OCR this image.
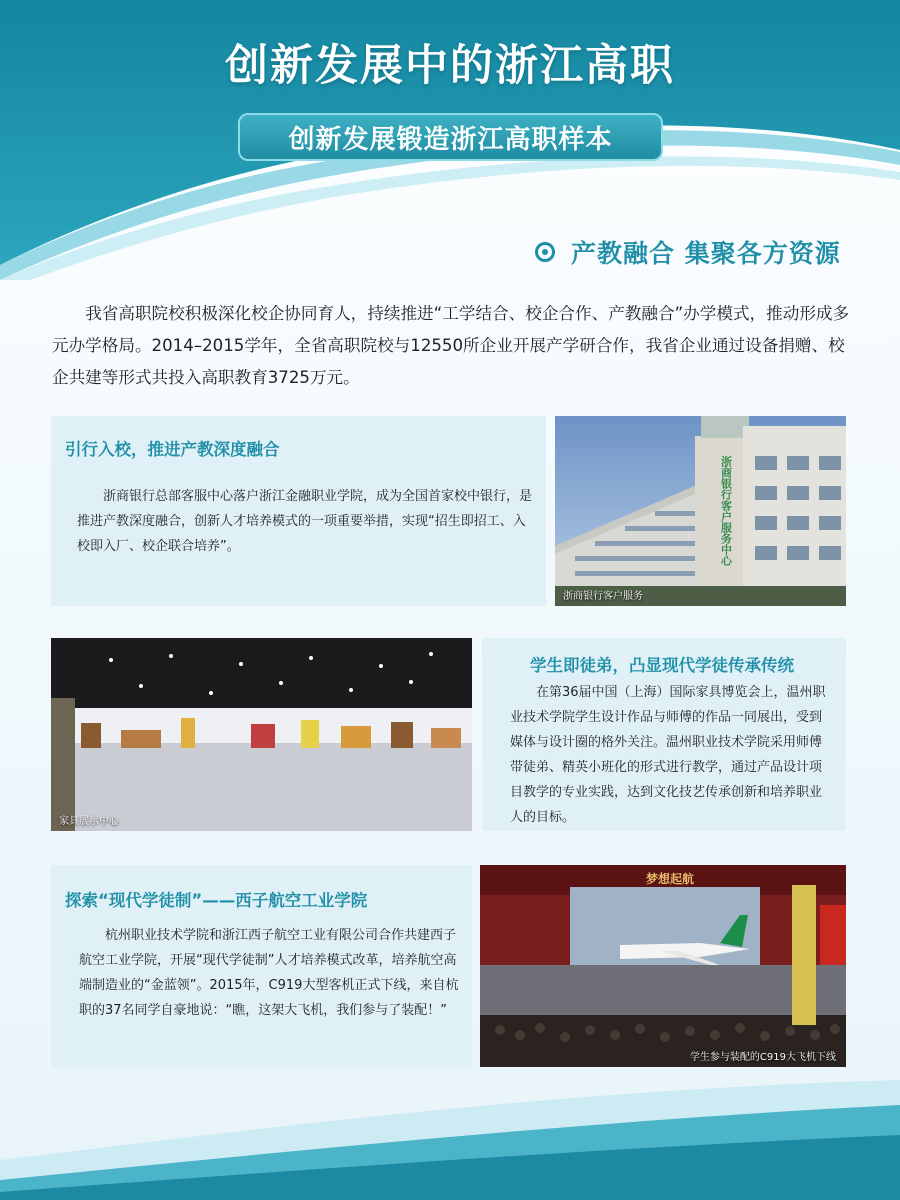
创新发展中的浙江高职
创新发展锻造浙江高职样本
产教融合 集聚各方资源
我省高职院校积极深化校企协同育人，持续推进“工学结合、校企合作、产教融合”办学模式，推动形成多元办学格局。2014–2015学年，全省高职院校与12550所企业开展产学研合作，我省企业通过设备捐赠、校企共建等形式共投入高职教育3725万元。
引行入校，推进产教深度融合
浙商银行总部客服中心落户浙江金融职业学院，成为全国首家校中银行，是推进产教深度融合，创新人才培养模式的一项重要举措，实现“招生即招工、入校即入厂、校企联合培养”。	浙商银行客户服务中心
浙商银行客户服务
家具展示中心
学生即徒弟，凸显现代学徒传承传统
在第36届中国（上海）国际家具博览会上，温州职业技术学院学生设计作品与师傅的作品一同展出，受到媒体与设计圈的格外关注。温州职业技术学院采用师傅带徒弟、精英小班化的形式进行教学，通过产品设计项目教学的专业实践，达到文化技艺传承创新和培养职业人的目标。
探索“现代学徒制”——西子航空工业学院
杭州职业技术学院和浙江西子航空工业有限公司合作共建西子航空工业学院，开展“现代学徒制”人才培养模式改革，培养航空高端制造业的“金蓝领”。2015年，C919大型客机正式下线，来自杭职的37名同学自豪地说：“瞧，这架大飞机，我们参与了装配！”
梦想起航
学生参与装配的C919大飞机下线
